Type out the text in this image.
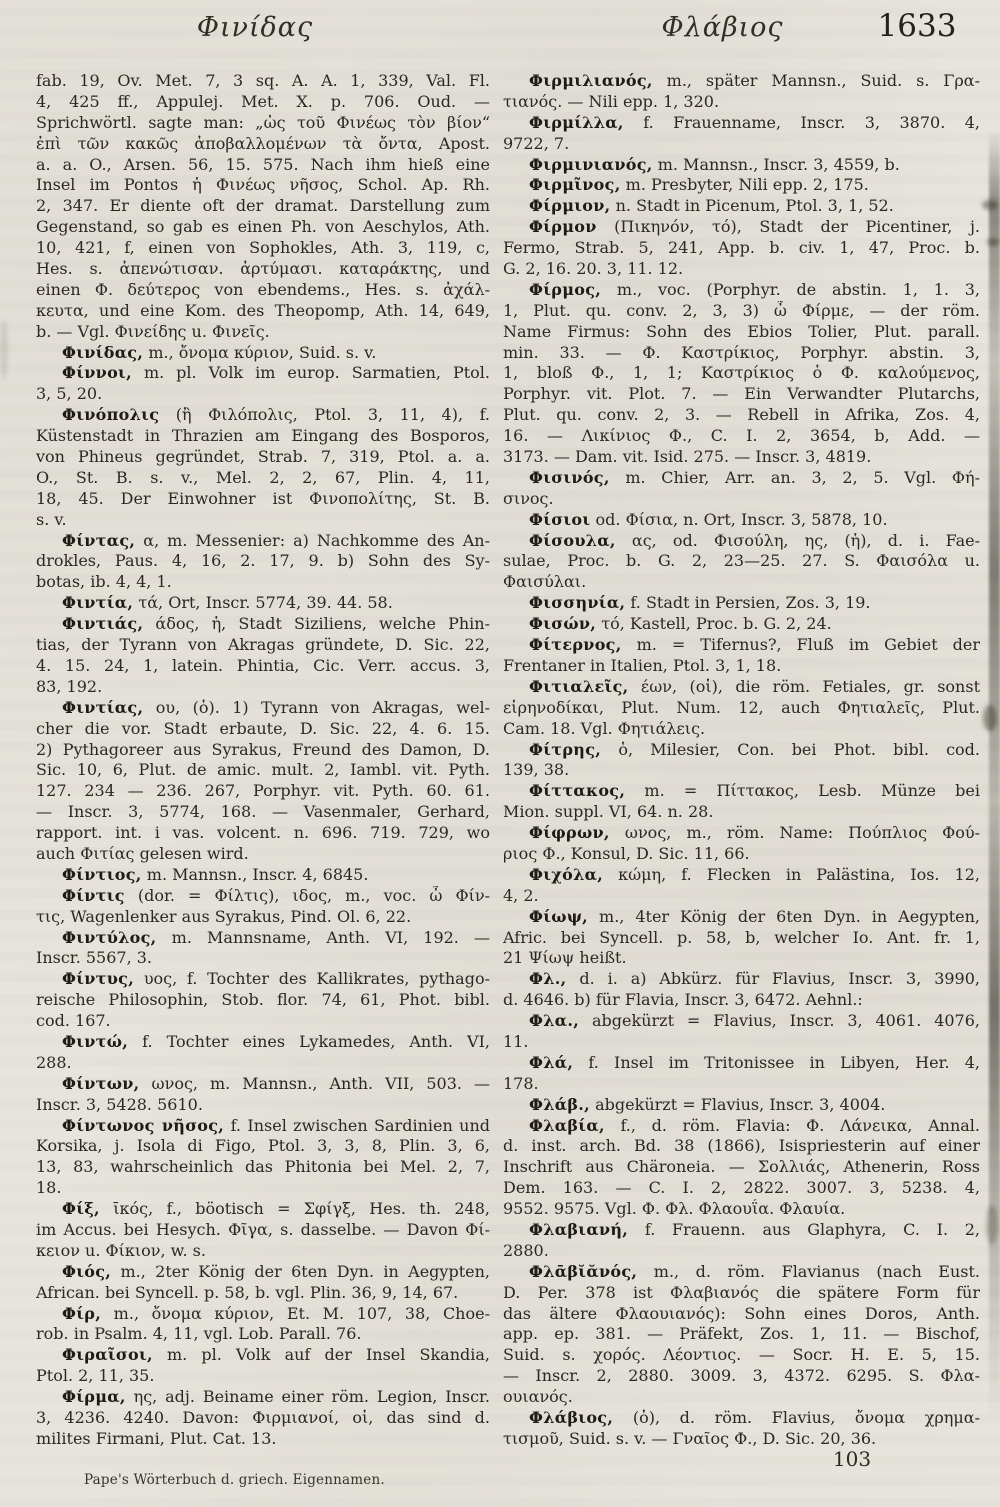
Φινίδας	Φλάβιος	1633
fab. 19, Ov. Met. 7, 3 sq. A. A. 1, 339, Val. Fl.
4, 425 ff., Appulej. Met. X. p. 706. Oud. —
Sprichwörtl. sagte man: „ὡς τοῦ Φινέως τὸν βίον“
ἐπὶ τῶν κακῶς ἀποβαλλομένων τὰ ὄντα, Apost.
a. a. O., Arsen. 56, 15. 575. Nach ihm hieß eine
Insel im Pontos ἡ Φινέως νῆσος, Schol. Ap. Rh.
2, 347. Er diente oft der dramat. Darstellung zum
Gegenstand, so gab es einen Ph. von Aeschylos, Ath.
10, 421, f, einen von Sophokles, Ath. 3, 119, c,
Hes. s. ἀπενώτισαν. ἀρτύμασι. καταράκτης, und
einen Φ. δεύτερος von ebendems., Hes. s. ἀχάλ-
κευτα, und eine Kom. des Theopomp, Ath. 14, 649,
b. — Vgl. Φινείδης u. Φινεῖς.
Φινίδας, m., ὄνομα κύριον, Suid. s. v.
Φίννοι, m. pl. Volk im europ. Sarmatien, Ptol.
3, 5, 20.
Φινόπολις (ἢ Φιλόπολις, Ptol. 3, 11, 4), f.
Küstenstadt in Thrazien am Eingang des Bosporos,
von Phineus gegründet, Strab. 7, 319, Ptol. a. a.
O., St. B. s. v., Mel. 2, 2, 67, Plin. 4, 11,
18, 45. Der Einwohner ist Φινοπολίτης, St. B.
s. v.
Φίντας, α, m. Messenier: a) Nachkomme des An-
drokles, Paus. 4, 16, 2. 17, 9. b) Sohn des Sy-
botas, ib. 4, 4, 1.
Φιντία, τά, Ort, Inscr. 5774, 39. 44. 58.
Φιντιάς, άδος, ἡ, Stadt Siziliens, welche Phin-
tias, der Tyrann von Akragas gründete, D. Sic. 22,
4. 15. 24, 1, latein. Phintia, Cic. Verr. accus. 3,
83, 192.
Φιντίας, ου, (ὁ). 1) Tyrann von Akragas, wel-
cher die vor. Stadt erbaute, D. Sic. 22, 4. 6. 15.
2) Pythagoreer aus Syrakus, Freund des Damon, D.
Sic. 10, 6, Plut. de amic. mult. 2, Iambl. vit. Pyth.
127. 234 — 236. 267, Porphyr. vit. Pyth. 60. 61.
— Inscr. 3, 5774, 168. — Vasenmaler, Gerhard,
rapport. int. i vas. volcent. n. 696. 719. 729, wo
auch Φιτίας gelesen wird.
Φίντιος, m. Mannsn., Inscr. 4, 6845.
Φίντις (dor. = Φίλτις), ιδος, m., voc. ὦ Φίν-
τις, Wagenlenker aus Syrakus, Pind. Ol. 6, 22.
Φιντύλος, m. Mannsname, Anth. VI, 192. —
Inscr. 5567, 3.
Φίντυς, υος, f. Tochter des Kallikrates, pythago-
reische Philosophin, Stob. flor. 74, 61, Phot. bibl.
cod. 167.
Φιντώ, f. Tochter eines Lykamedes, Anth. VI,
288.
Φίντων, ωνος, m. Mannsn., Anth. VII, 503. —
Inscr. 3, 5428. 5610.
Φίντωνος νῆσος, f. Insel zwischen Sardinien und
Korsika, j. Isola di Figo, Ptol. 3, 3, 8, Plin. 3, 6,
13, 83, wahrscheinlich das Phitonia bei Mel. 2, 7,
18.
Φίξ, ῑκός, f., böotisch = Σφίγξ, Hes. th. 248,
im Accus. bei Hesych. Φῖγα, s. dasselbe. — Davon Φί-
κειον u. Φίκιον, w. s.
Φιός, m., 2ter König der 6ten Dyn. in Aegypten,
African. bei Syncell. p. 58, b. vgl. Plin. 36, 9, 14, 67.
Φίρ, m., ὄνομα κύριον, Et. M. 107, 38, Choe-
rob. in Psalm. 4, 11, vgl. Lob. Parall. 76.
Φιραῖσοι, m. pl. Volk auf der Insel Skandia,
Ptol. 2, 11, 35.
Φίρμα, ης, adj. Beiname einer röm. Legion, Inscr.
3, 4236. 4240. Davon: Φιρμιανοί, οἱ, das sind d.
milites Firmani, Plut. Cat. 13.
Φιρμιλιανός, m., später Mannsn., Suid. s. Γρα-
τιανός. — Nili epp. 1, 320.
Φιρμίλλα, f. Frauenname, Inscr. 3, 3870. 4,
9722, 7.
Φιρμινιανός, m. Mannsn., Inscr. 3, 4559, b.
Φιρμῖνος, m. Presbyter, Nili epp. 2, 175.
Φίρμιον, n. Stadt in Picenum, Ptol. 3, 1, 52.
Φίρμον (Πικηνόν, τό), Stadt der Picentiner, j.
Fermo, Strab. 5, 241, App. b. civ. 1, 47, Proc. b.
G. 2, 16. 20. 3, 11. 12.
Φίρμος, m., voc. (Porphyr. de abstin. 1, 1. 3,
1, Plut. qu. conv. 2, 3, 3) ὦ Φίρμε, — der röm.
Name Firmus: Sohn des Ebios Tolier, Plut. parall.
min. 33. — Φ. Καστρίκιος, Porphyr. abstin. 3,
1, bloß Φ., 1, 1; Καστρίκιος ὁ Φ. καλούμενος,
Porphyr. vit. Plot. 7. — Ein Verwandter Plutarchs,
Plut. qu. conv. 2, 3. — Rebell in Afrika, Zos. 4,
16. — Λικίνιος Φ., C. I. 2, 3654, b, Add. —
3173. — Dam. vit. Isid. 275. — Inscr. 3, 4819.
Φισινός, m. Chier, Arr. an. 3, 2, 5. Vgl. Φή-
σινος.
Φίσιοι od. Φίσια, n. Ort, Inscr. 3, 5878, 10.
Φίσουλα, ας, od. Φισούλη, ης, (ἡ), d. i. Fae-
sulae, Proc. b. G. 2, 23—25. 27. S. Φαισόλα u.
Φαισύλαι.
Φισσηνία, f. Stadt in Persien, Zos. 3, 19.
Φισών, τό, Kastell, Proc. b. G. 2, 24.
Φίτερνος, m. = Tifernus?, Fluß im Gebiet der
Frentaner in Italien, Ptol. 3, 1, 18.
Φιτιαλεῖς, έων, (οἱ), die röm. Fetiales, gr. sonst
εἰρηνοδίκαι, Plut. Num. 12, auch Φητιαλεῖς, Plut.
Cam. 18. Vgl. Φητιάλεις.
Φίτρης, ὁ, Milesier, Con. bei Phot. bibl. cod.
139, 38.
Φίττακος, m. = Πίττακος, Lesb. Münze bei
Mion. suppl. VI, 64. n. 28.
Φίφρων, ωνος, m., röm. Name: Πούπλιος Φού-
ριος Φ., Konsul, D. Sic. 11, 66.
Φιχόλα, κώμη, f. Flecken in Palästina, Ios. 12,
4, 2.
Φίωψ, m., 4ter König der 6ten Dyn. in Aegypten,
Afric. bei Syncell. p. 58, b, welcher Io. Ant. fr. 1,
21 Ψίωψ heißt.
Φλ., d. i. a) Abkürz. für Flavius, Inscr. 3, 3990,
d. 4646. b) für Flavia, Inscr. 3, 6472. Aehnl.:
Φλα., abgekürzt = Flavius, Inscr. 3, 4061. 4076,
11.
Φλά, f. Insel im Tritonissee in Libyen, Her. 4,
178.
Φλάβ., abgekürzt = Flavius, Inscr. 3, 4004.
Φλαβία, f., d. röm. Flavia: Φ. Λάνεικα, Annal.
d. inst. arch. Bd. 38 (1866), Isispriesterin auf einer
Inschrift aus Chäroneia. — Σολλιάς, Athenerin, Ross
Dem. 163. — C. I. 2, 2822. 3007. 3, 5238. 4,
9552. 9575. Vgl. Φ. Φλ. Φλαουΐα. Φλαυία.
Φλαβιανή, f. Frauenn. aus Glaphyra, C. I. 2,
2880.
Φλᾱβῐᾰνός, m., d. röm. Flavianus (nach Eust.
D. Per. 378 ist Φλαβιανός die spätere Form für
das ältere Φλαουιανός): Sohn eines Doros, Anth.
app. ep. 381. — Präfekt, Zos. 1, 11. — Bischof,
Suid. s. χορός. Λέοντιος. — Socr. H. E. 5, 15.
— Inscr. 2, 2880. 3009. 3, 4372. 6295. S. Φλα-
ουιανός.
Φλάβιος, (ὁ), d. röm. Flavius, ὄνομα χρημα-
τισμοῦ, Suid. s. v. — Γναῖος Φ., D. Sic. 20, 36.
Pape's Wörterbuch d. griech. Eigennamen.
103
